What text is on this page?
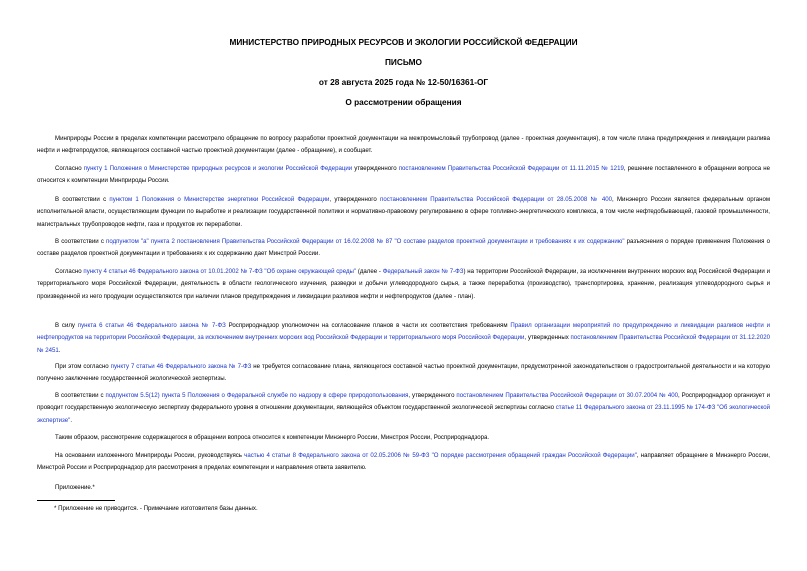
МИНИСТЕРСТВО ПРИРОДНЫХ РЕСУРСОВ И ЭКОЛОГИИ РОССИЙСКОЙ ФЕДЕРАЦИИ
ПИСЬМО
от 28 августа 2025 года № 12-50/16361-ОГ
О рассмотрении обращения
Минприроды России в пределах компетенции рассмотрело обращение по вопросу разработки проектной документации на межпромысловый трубопровод (далее - проектная документация), в том числе плана предупреждения и ликвидации разлива нефти и нефтепродуктов, являющегося составной частью проектной документации (далее - обращение), и сообщает.
Согласно пункту 1 Положения о Министерстве природных ресурсов и экологии Российской Федерации утвержденного постановлением Правительства Российской Федерации от 11.11.2015 № 1219, решение поставленного в обращении вопроса не относится к компетенции Минприроды России.
В соответствии с пунктом 1 Положения о Министерстве энергетики Российской Федерации, утвержденного постановлением Правительства Российской Федерации от 28.05.2008 № 400, Минэнерго России является федеральным органом исполнительной власти, осуществляющим функции по выработке и реализации государственной политики и нормативно-правовому регулированию в сфере топливно-энергетического комплекса, в том числе нефтедобывающей, газовой промышленности, магистральных трубопроводов нефти, газа и продуктов их переработки.
В соответствии с подпунктом "а" пункта 2 постановления Правительства Российской Федерации от 16.02.2008 № 87 "О составе разделов проектной документации и требованиях к их содержанию" разъяснения о порядке применения Положения о составе разделов проектной документации и требованиях к их содержанию дает Минстрой России.
Согласно пункту 4 статьи 46 Федерального закона от 10.01.2002 № 7-ФЗ "Об охране окружающей среды" (далее - Федеральный закон № 7-ФЗ) на территории Российской Федерации, за исключением внутренних морских вод Российской Федерации и территориального моря Российской Федерации, деятельность в области геологического изучения, разведки и добычи углеводородного сырья, а также переработка (производство), транспортировка, хранение, реализация углеводородного сырья и произведенной из него продукции осуществляются при наличии планов предупреждения и ликвидации разливов нефти и нефтепродуктов (далее - план).
В силу пункта 6 статьи 46 Федерального закона № 7-ФЗ Росприроднадзор уполномочен на согласование планов в части их соответствия требованиям Правил организации мероприятий по предупреждению и ликвидации разливов нефти и нефтепродуктов на территории Российской Федерации, за исключением внутренних морских вод Российской Федерации и территориального моря Российской Федерации, утвержденных постановлением Правительства Российской Федерации от 31.12.2020 № 2451.
При этом согласно пункту 7 статьи 46 Федерального закона № 7-ФЗ не требуется согласование плана, являющегося составной частью проектной документации, предусмотренной законодательством о градостроительной деятельности и на которую получено заключение государственной экологической экспертизы.
В соответствии с подпунктом 5.5(12) пункта 5 Положения о Федеральной службе по надзору в сфере природопользования, утвержденного постановлением Правительства Российской Федерации от 30.07.2004 № 400, Росприроднадзор организует и проводит государственную экологическую экспертизу федерального уровня в отношении документации, являющейся объектом государственной экологической экспертизы согласно статье 11 Федерального закона от 23.11.1995 № 174-ФЗ "Об экологической экспертизе".
Таким образом, рассмотрение содержащегося в обращении вопроса относится к компетенции Минэнерго России, Минстроя России, Росприроднадзора.
На основании изложенного Минприроды России, руководствуясь частью 4 статьи 8 Федерального закона от 02.05.2006 № 59-ФЗ "О порядке рассмотрения обращений граждан Российской Федерации", направляет обращение в Минэнерго России, Минстрой России и Росприроднадзор для рассмотрения в пределах компетенции и направления ответа заявителю.
Приложение.*
* Приложение не приводится. - Примечание изготовителя базы данных.
